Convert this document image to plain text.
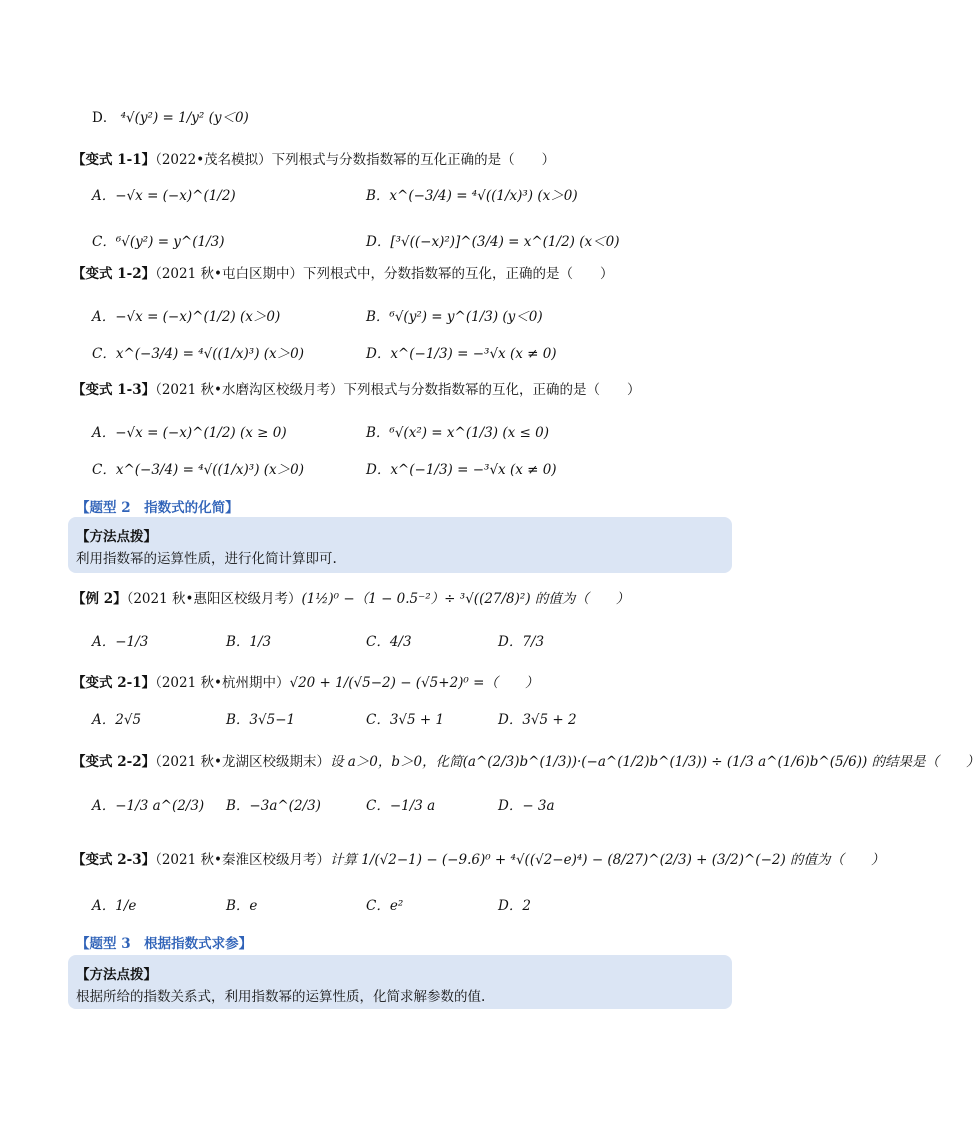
D． ⁴√(y²) = 1/y² (y＜0)
【变式 1-1】（2022•茂名模拟）下列根式与分数指数幂的互化正确的是（　　）
A．−√x = (−x)^(1/2)	B．x^(−3/4) = ⁴√((1/x)³) (x＞0)
C．⁶√(y²) = y^(1/3)	D．[³√((−x)²)]^(3/4) = x^(1/2) (x＜0)
【变式 1-2】（2021 秋•屯白区期中）下列根式中，分数指数幂的互化，正确的是（　　）
A．−√x = (−x)^(1/2) (x＞0)	B．⁶√(y²) = y^(1/3) (y＜0)
C．x^(−3/4) = ⁴√((1/x)³) (x＞0)	D．x^(−1/3) = −³√x (x ≠ 0)
【变式 1-3】（2021 秋•水磨沟区校级月考）下列根式与分数指数幂的互化，正确的是（　　）
A．−√x = (−x)^(1/2) (x ≥ 0)	B．⁶√(x²) = x^(1/3) (x ≤ 0)
C．x^(−3/4) = ⁴√((1/x)³) (x＞0)	D．x^(−1/3) = −³√x (x ≠ 0)
【题型 2　指数式的化简】
【方法点拨】
利用指数幂的运算性质，进行化简计算即可.
【例 2】（2021 秋•惠阳区校级月考）(1½)⁰ −（1 − 0.5⁻²）÷ ³√((27/8)²) 的值为（　　）
A．−1/3	B．1/3	C．4/3	D．7/3
【变式 2-1】（2021 秋•杭州期中）√20 + 1/(√5−2) − (√5+2)⁰ =（　　）
A．2√5	B．3√5−1	C．3√5 + 1	D．3√5 + 2
【变式 2-2】（2021 秋•龙湖区校级期末）设 a＞0，b＞0，化简(a^(2/3)b^(1/3))·(−a^(1/2)b^(1/3)) ÷ (1/3 a^(1/6)b^(5/6)) 的结果是（　　）
A．−1/3 a^(2/3) B．−3a^(2/3)	C．−1/3 a	D．− 3a
【变式 2-3】（2021 秋•秦淮区校级月考）计算 1/(√2−1) − (−9.6)⁰ + ⁴√((√2−e)⁴) − (8/27)^(2/3) + (3/2)^(−2) 的值为（　　）
A．1/e	B．e	C．e²	D．2
【题型 3　根据指数式求参】
【方法点拨】
根据所给的指数关系式，利用指数幂的运算性质，化简求解参数的值.
